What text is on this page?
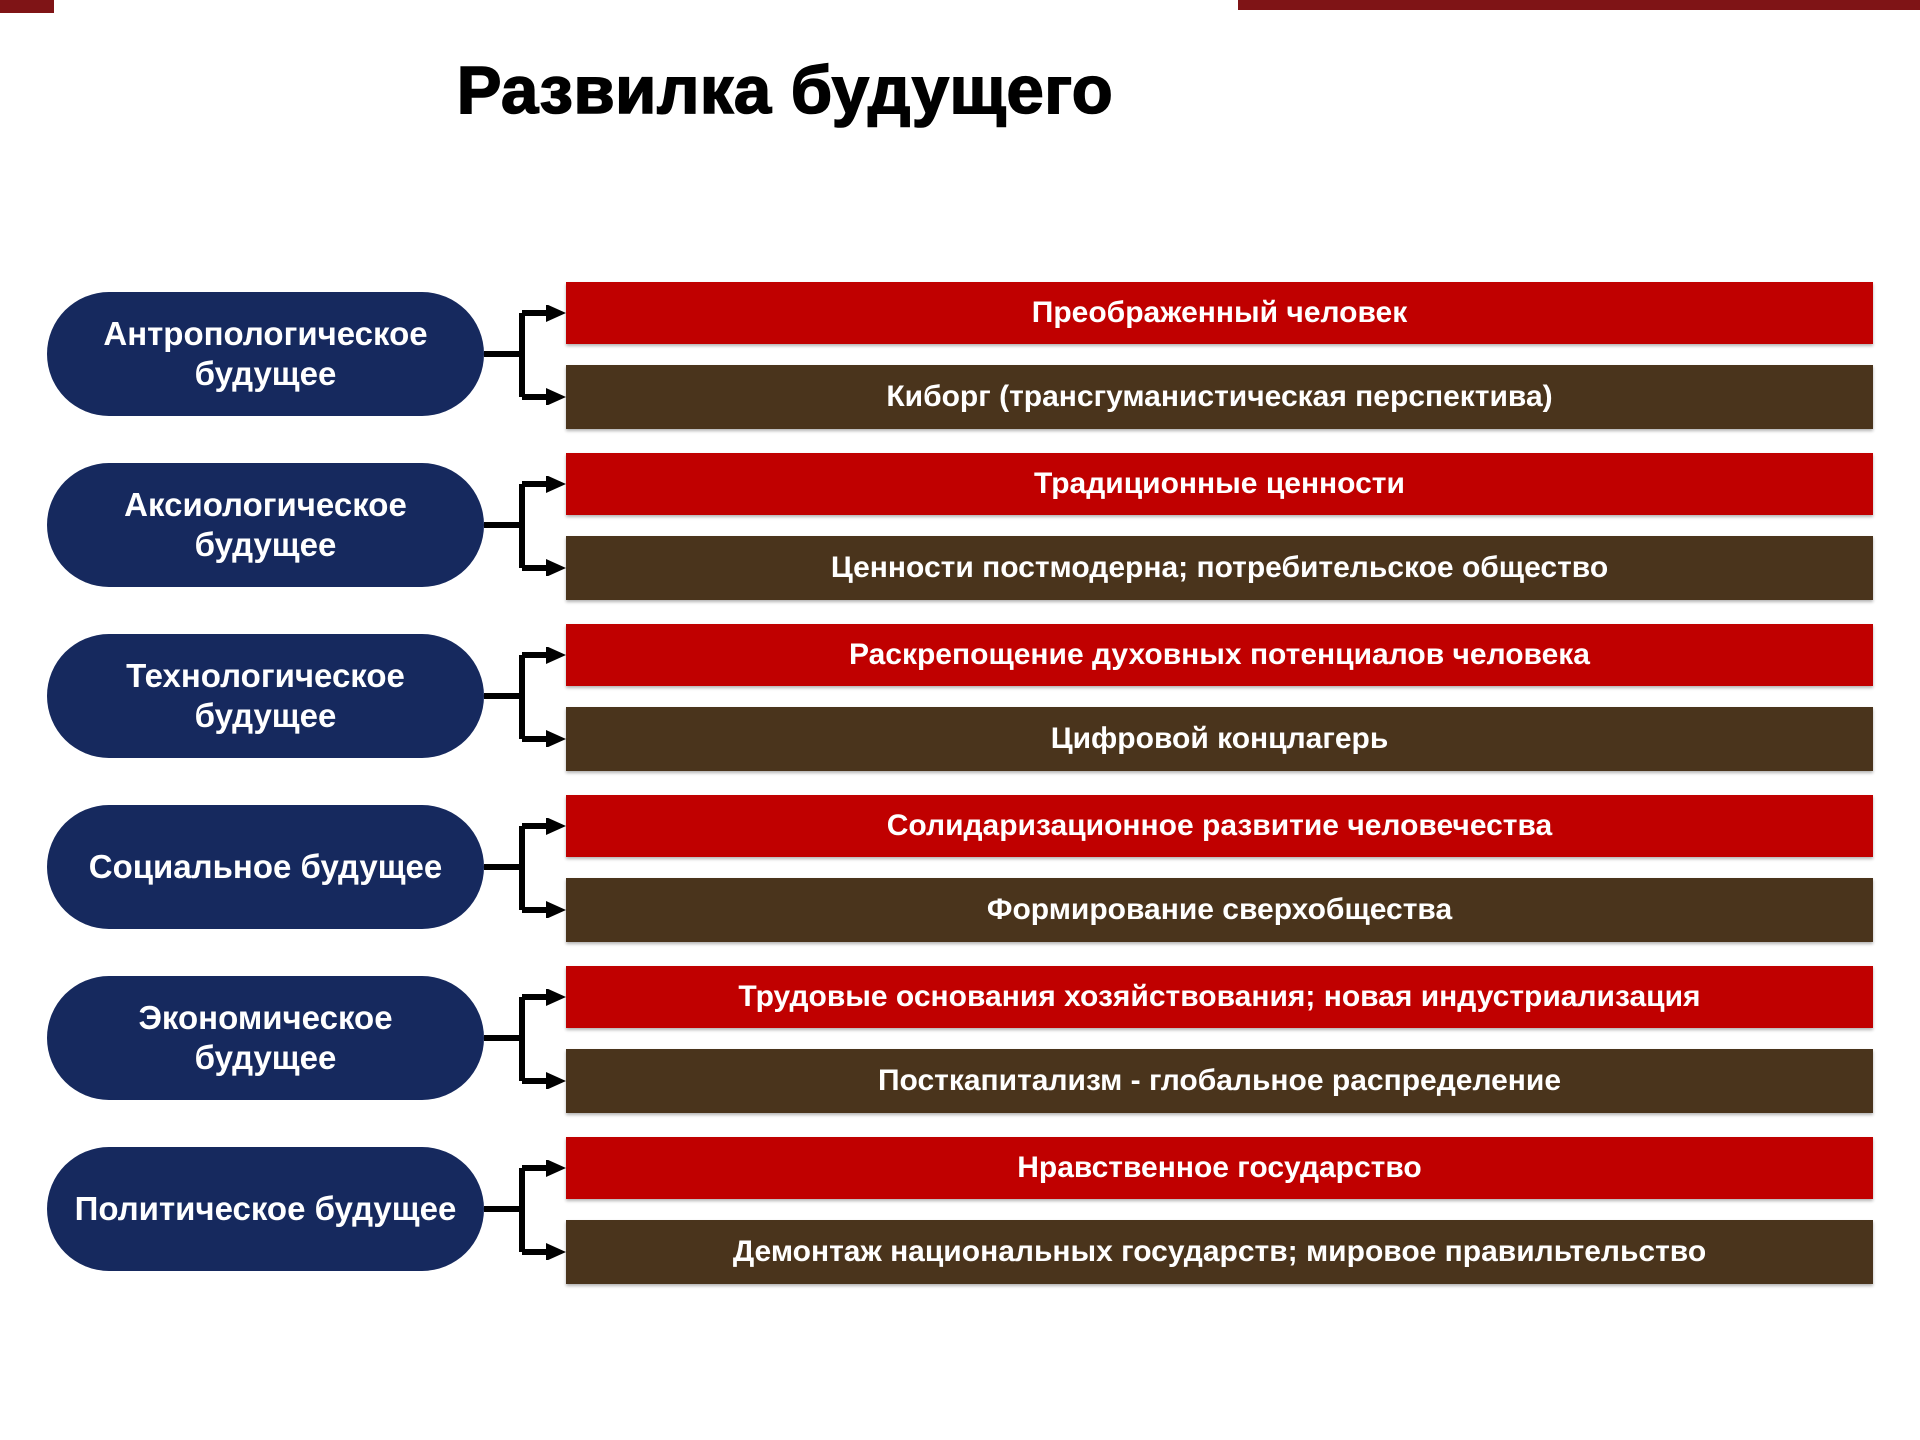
Развилка будущего
Антропологическое будущее
Преображенный человек
Киборг (трансгуманистическая перспектива)
Аксиологическое будущее
Традиционные ценности
Ценности постмодерна; потребительское общество
Технологическое будущее
Раскрепощение духовных потенциалов человека
Цифровой концлагерь
Социальное будущее
Солидаризационное развитие человечества
Формирование сверхобщества
Экономическое будущее
Трудовые основания хозяйствования; новая индустриализация
Посткапитализм - глобальное распределение
Политическое будущее
Нравственное государство
Демонтаж национальных государств; мировое правильтельство
